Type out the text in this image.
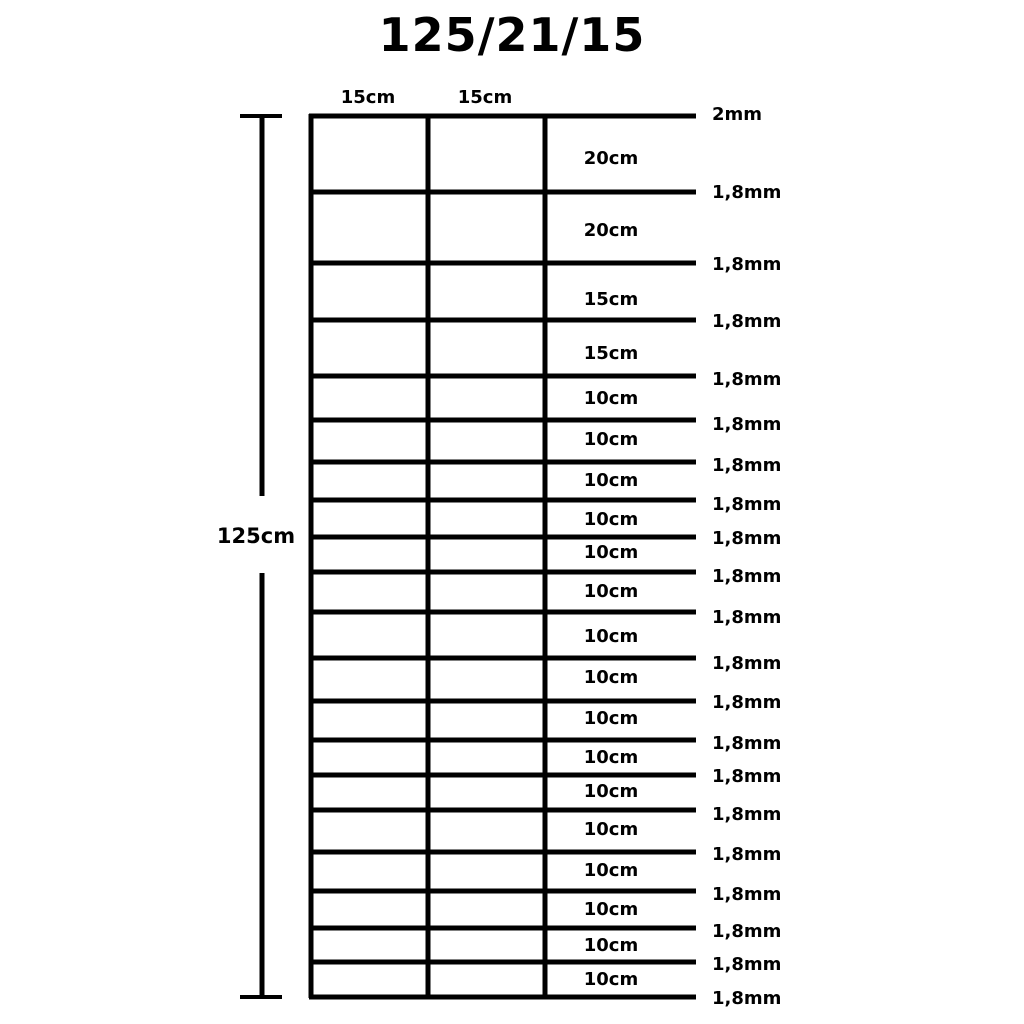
125/21/15
125cm
15cm	15cm
20cm
20cm
15cm
15cm
10cm
10cm
10cm
10cm
10cm
10cm
10cm
10cm
10cm
10cm
10cm
10cm
10cm
10cm
10cm
10cm
2mm
1,8mm
1,8mm
1,8mm
1,8mm
1,8mm
1,8mm
1,8mm
1,8mm
1,8mm
1,8mm
1,8mm
1,8mm
1,8mm
1,8mm
1,8mm
1,8mm
1,8mm
1,8mm
1,8mm
1,8mm
